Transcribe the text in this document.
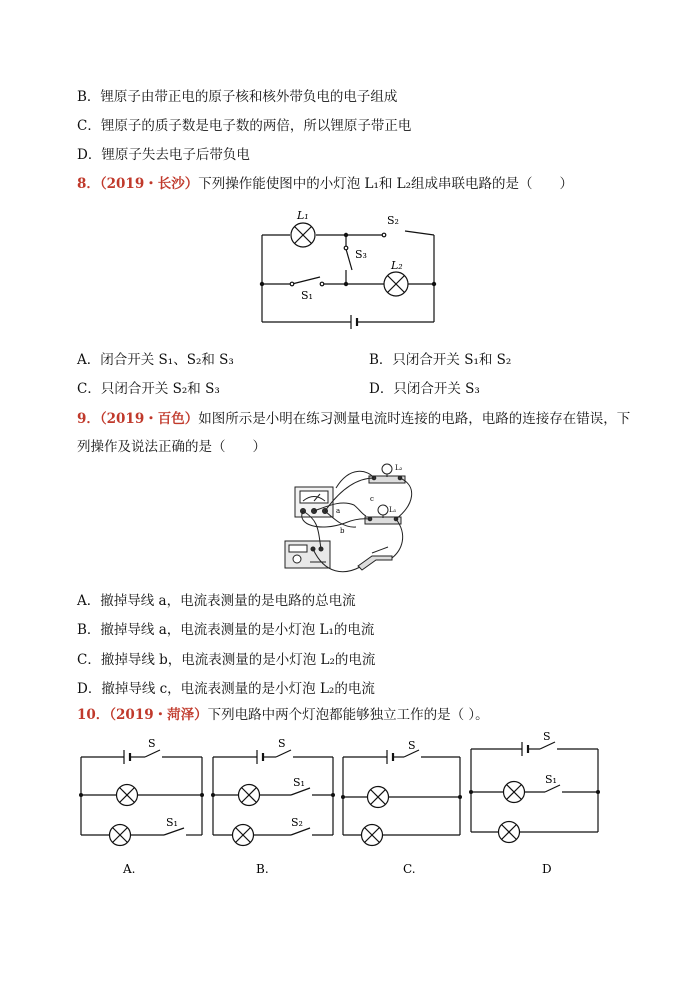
B．锂原子由带正电的原子核和核外带负电的电子组成
C．锂原子的质子数是电子数的两倍，所以锂原子带正电
D．锂原子失去电子后带负电
8．（2019・长沙）下列操作能使图中的小灯泡 L₁和 L₂组成串联电路的是（　　）
L₁	S₂
S₃
L₂
S₁
A．闭合开关 S₁、S₂和 S₃	B．只闭合开关 S₁和 S₂
C．只闭合开关 S₂和 S₃	D．只闭合开关 S₃
9．（2019・百色）如图所示是小明在练习测量电流时连接的电路，电路的连接存在错误，下
列操作及说法正确的是（　　）
L₂
L₁
c
a
b
A．撤掉导线 a，电流表测量的是电路的总电流
B．撤掉导线 a，电流表测量的是小灯泡 L₁的电流
C．撤掉导线 b，电流表测量的是小灯泡 L₂的电流
D．撤掉导线 c，电流表测量的是小灯泡 L₂的电流
10．（2019・菏泽）下列电路中两个灯泡都能够独立工作的是（ ）。
S
S₁
S
S₁
S₂
S
S
S₁
A.	B.	C.	D
